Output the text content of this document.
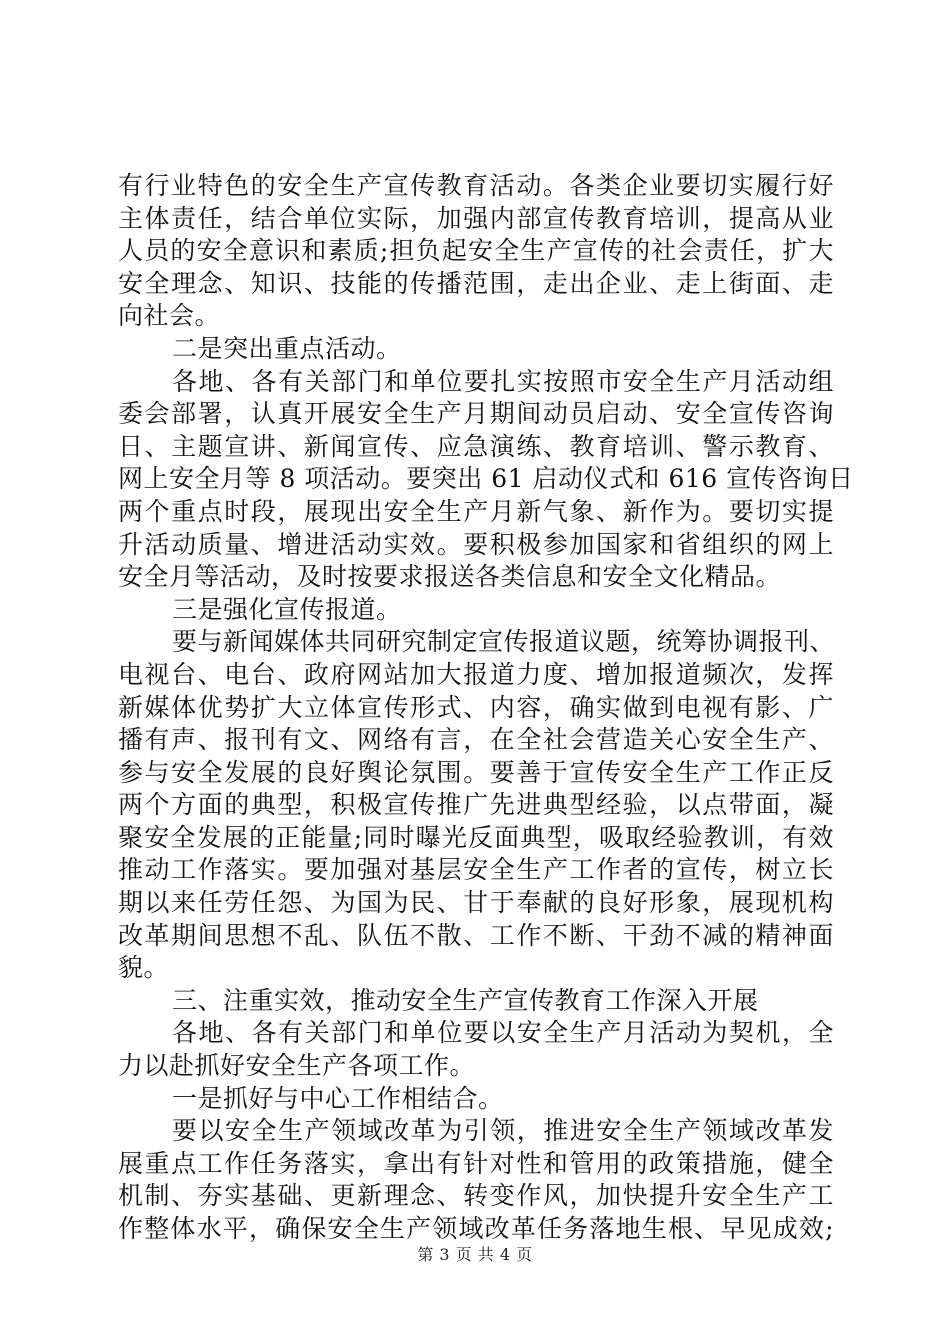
有行业特色的安全生产宣传教育活动。各类企业要切实履行好
主体责任，结合单位实际，加强内部宣传教育培训，提高从业
人员的安全意识和素质;担负起安全生产宣传的社会责任，扩大
安全理念、知识、技能的传播范围，走出企业、走上街面、走
向社会。
二是突出重点活动。
各地、各有关部门和单位要扎实按照市安全生产月活动组
委会部署，认真开展安全生产月期间动员启动、安全宣传咨询
日、主题宣讲、新闻宣传、应急演练、教育培训、警示教育、
网上安全月等 8 项活动。要突出 61 启动仪式和 616 宣传咨询日
两个重点时段，展现出安全生产月新气象、新作为。要切实提
升活动质量、增进活动实效。要积极参加国家和省组织的网上
安全月等活动，及时按要求报送各类信息和安全文化精品。
三是强化宣传报道。
要与新闻媒体共同研究制定宣传报道议题，统筹协调报刊、
电视台、电台、政府网站加大报道力度、增加报道频次，发挥
新媒体优势扩大立体宣传形式、内容，确实做到电视有影、广
播有声、报刊有文、网络有言，在全社会营造关心安全生产、
参与安全发展的良好舆论氛围。要善于宣传安全生产工作正反
两个方面的典型，积极宣传推广先进典型经验，以点带面，凝
聚安全发展的正能量;同时曝光反面典型，吸取经验教训，有效
推动工作落实。要加强对基层安全生产工作者的宣传，树立长
期以来任劳任怨、为国为民、甘于奉献的良好形象，展现机构
改革期间思想不乱、队伍不散、工作不断、干劲不减的精神面
貌。
三、注重实效，推动安全生产宣传教育工作深入开展
各地、各有关部门和单位要以安全生产月活动为契机，全
力以赴抓好安全生产各项工作。
一是抓好与中心工作相结合。
要以安全生产领域改革为引领，推进安全生产领域改革发
展重点工作任务落实，拿出有针对性和管用的政策措施，健全
机制、夯实基础、更新理念、转变作风，加快提升安全生产工
作整体水平，确保安全生产领域改革任务落地生根、早见成效;
第 3 页 共 4 页
